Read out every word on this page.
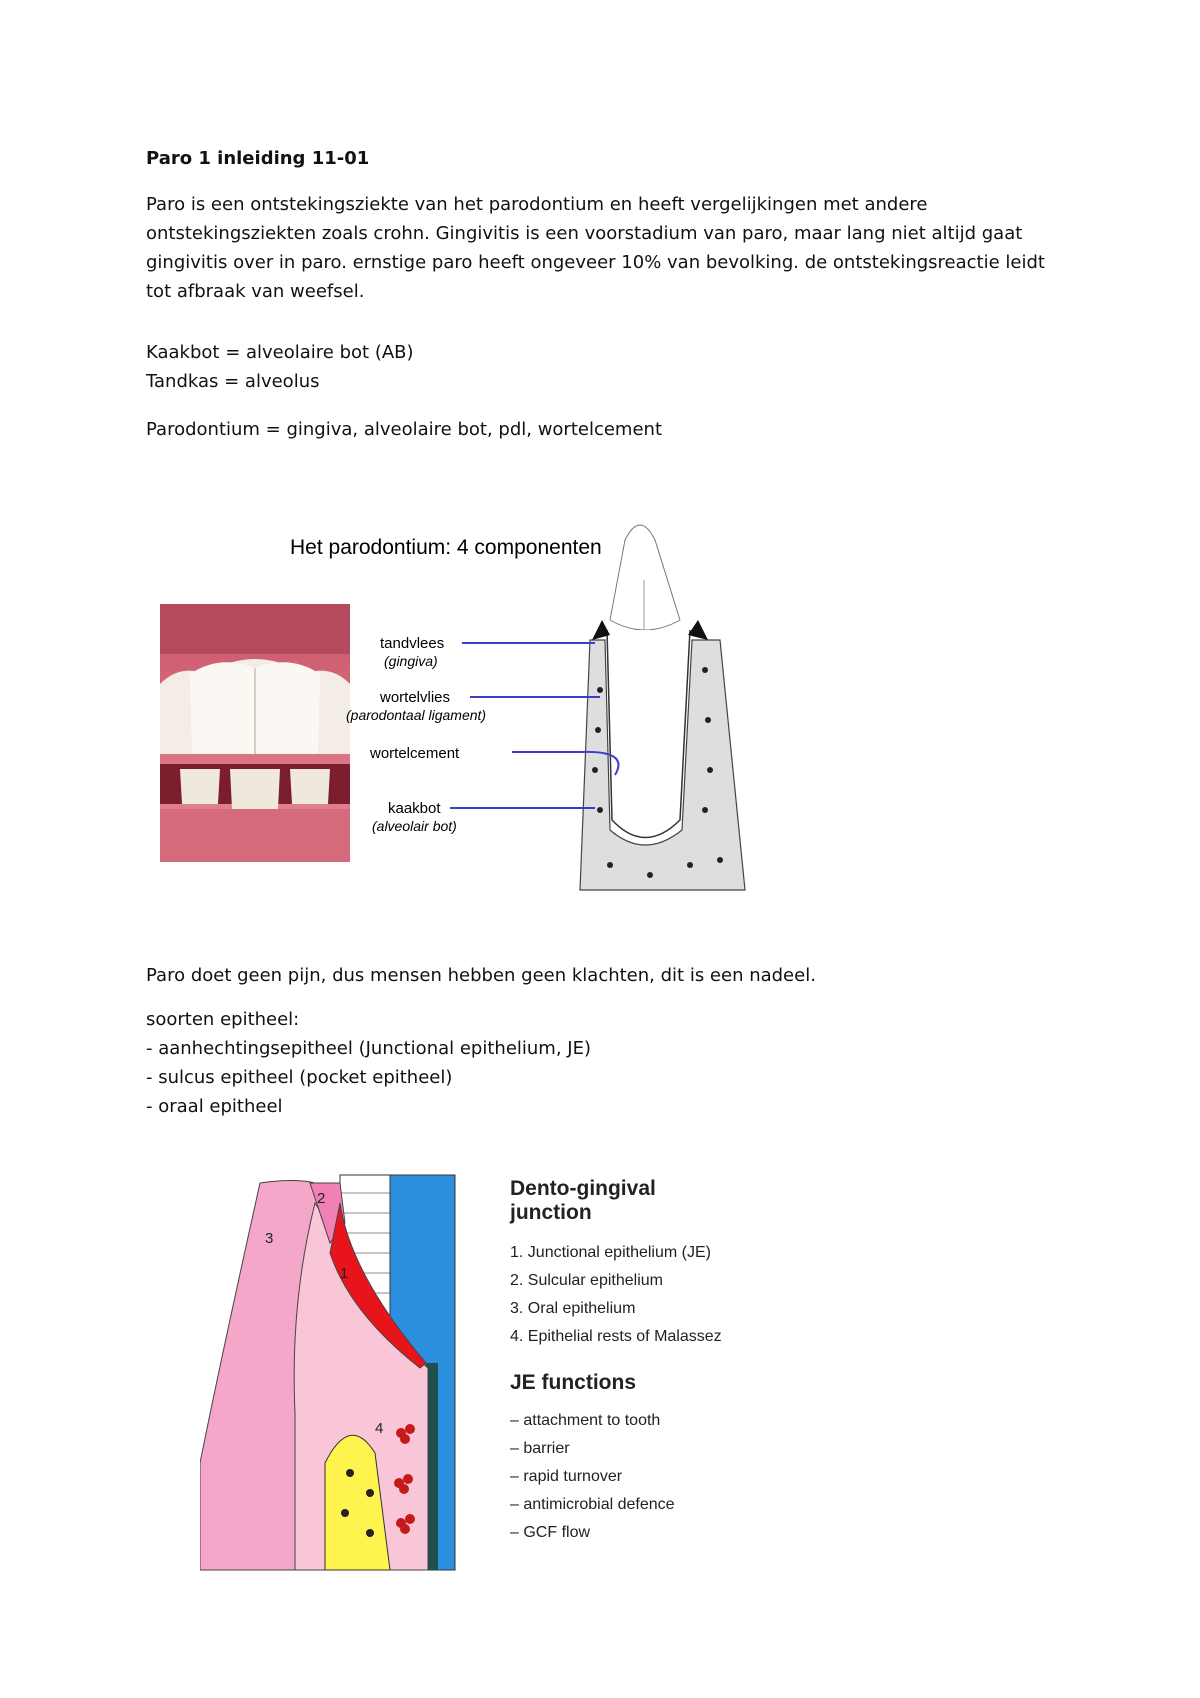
Paro 1 inleiding 11-01
Paro is een ontstekingsziekte van het parodontium en heeft vergelijkingen met andere ontstekingsziekten zoals crohn. Gingivitis is een voorstadium van paro, maar lang niet altijd gaat gingivitis over in paro. ernstige paro heeft ongeveer 10% van bevolking. de ontstekingsreactie leidt tot afbraak van weefsel.
Kaakbot = alveolaire bot (AB)
Tandkas = alveolus
Parodontium = gingiva, alveolaire bot, pdl, wortelcement
Het parodontium: 4 componenten
tandvlees
(gingiva)
wortelvlies
(parodontaal ligament)
wortelcement
kaakbot
(alveolair bot)
Paro doet geen pijn, dus mensen hebben geen klachten, dit is een nadeel.
soorten epitheel:
- aanhechtingsepitheel (Junctional epithelium, JE)
- sulcus epitheel (pocket epitheel)
- oraal epitheel
1
2
3
4
Dento-gingival
junction
1. Junctional epithelium (JE)
2. Sulcular epithelium
3. Oral epithelium
4. Epithelial rests of Malassez
JE functions
– attachment to tooth
– barrier
– rapid turnover
– antimicrobial defence
– GCF flow
